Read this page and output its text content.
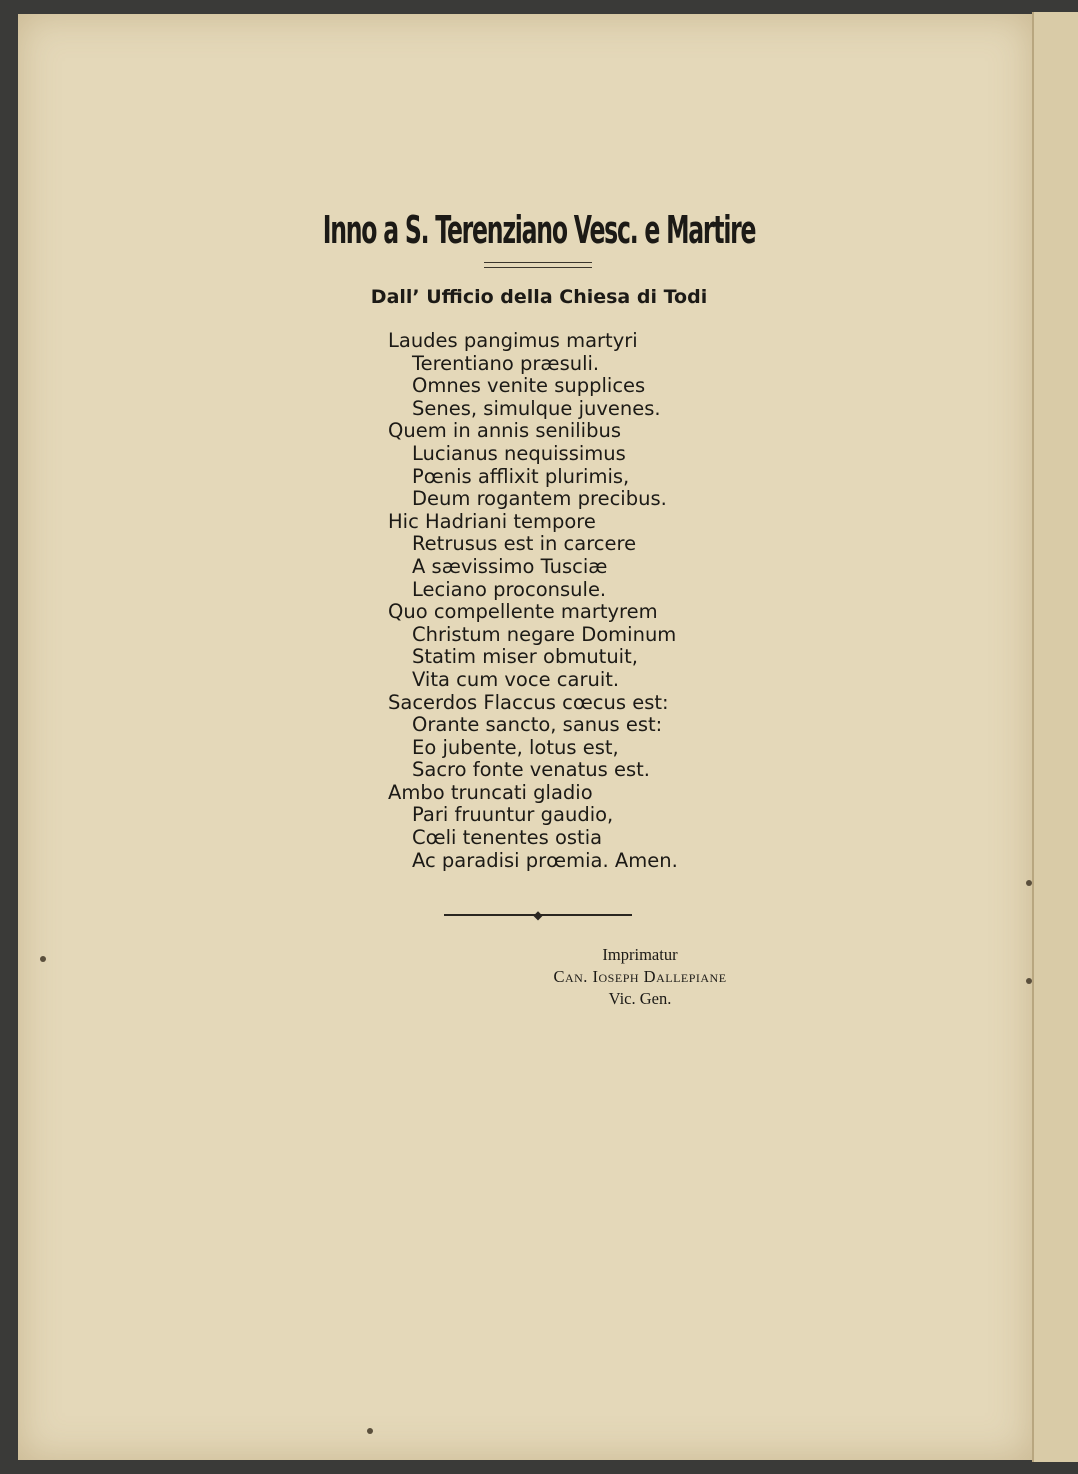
Inno a S. Terenziano Vesc. e Martire
Dall’ Ufficio della Chiesa di Todi
Laudes pangimus martyri
Terentiano præsuli.
Omnes venite supplices
Senes, simulque juvenes.
Quem in annis senilibus
Lucianus nequissimus
Pœnis afflixit plurimis,
Deum rogantem precibus.
Hic Hadriani tempore
Retrusus est in carcere
A sævissimo Tusciæ
Leciano proconsule.
Quo compellente martyrem
Christum negare Dominum
Statim miser obmutuit,
Vita cum voce caruit.
Sacerdos Flaccus cœcus est:
Orante sancto, sanus est:
Eo jubente, lotus est,
Sacro fonte venatus est.
Ambo truncati gladio
Pari fruuntur gaudio,
Cœli tenentes ostia
Ac paradisi prœmia. Amen.
◆
Imprimatur
Can. Ioseph Dallepiane
Vic. Gen.
